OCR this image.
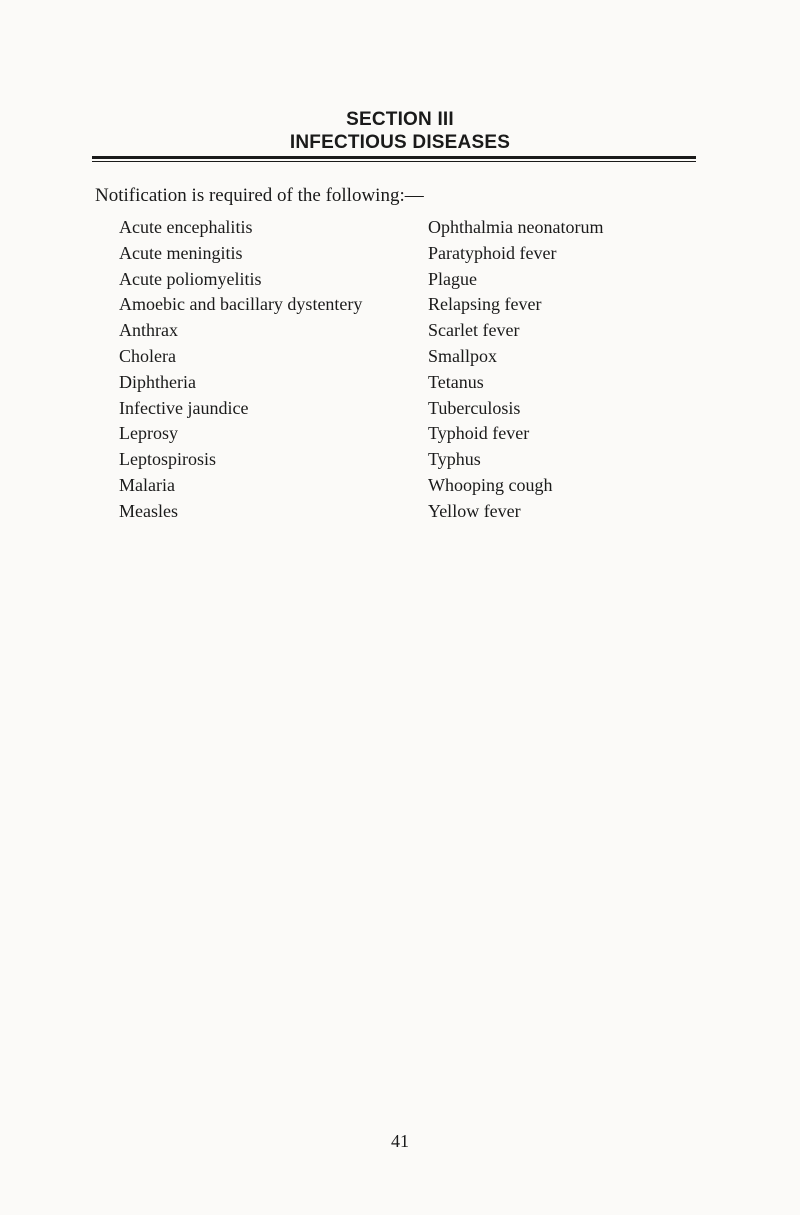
SECTION III
INFECTIOUS DISEASES
Notification is required of the following:—
Acute encephalitis
Acute meningitis
Acute poliomyelitis
Amoebic and bacillary dystentery
Anthrax
Cholera
Diphtheria
Infective jaundice
Leprosy
Leptospirosis
Malaria
Measles
Ophthalmia neonatorum
Paratyphoid fever
Plague
Relapsing fever
Scarlet fever
Smallpox
Tetanus
Tuberculosis
Typhoid fever
Typhus
Whooping cough
Yellow fever
41
